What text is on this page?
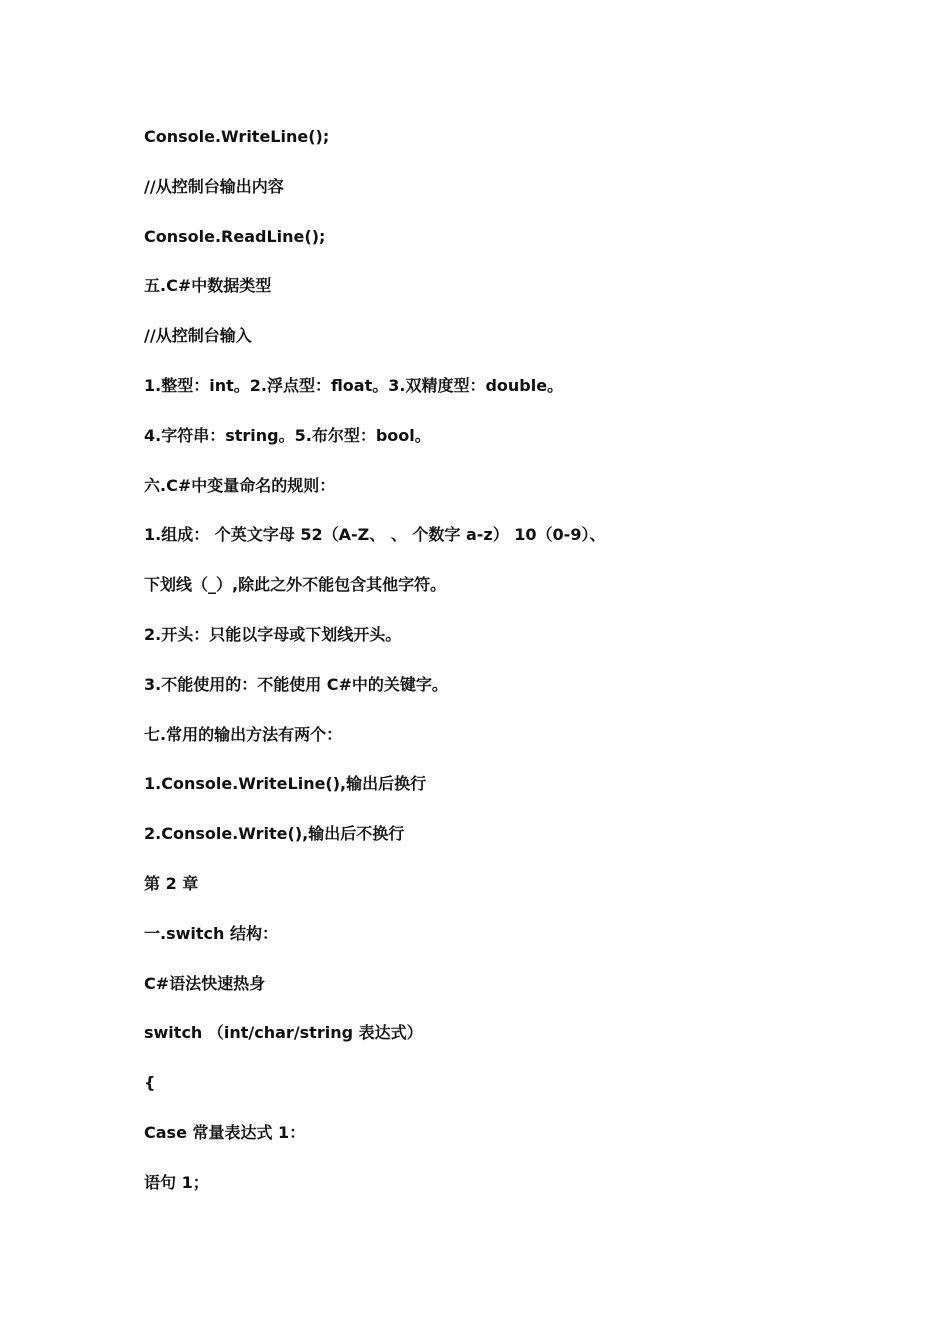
Console.WriteLine();
//从控制台输出内容
Console.ReadLine();
五.C#中数据类型
//从控制台输入
1.整型：int。2.浮点型：float。3.双精度型：double。
4.字符串：string。5.布尔型：bool。
六.C#中变量命名的规则：
1.组成： 个英文字母 52（A-Z、 、 个数字 a-z） 10（0-9）、
下划线（_）,除此之外不能包含其他字符。
2.开头：只能以字母或下划线开头。
3.不能使用的：不能使用 C#中的关键字。
七.常用的输出方法有两个：
1.Console.WriteLine(),输出后换行
2.Console.Write(),输出后不换行
第 2 章
一.switch 结构：
C#语法快速热身
switch （int/char/string 表达式）
{
Case 常量表达式 1：
语句 1；
